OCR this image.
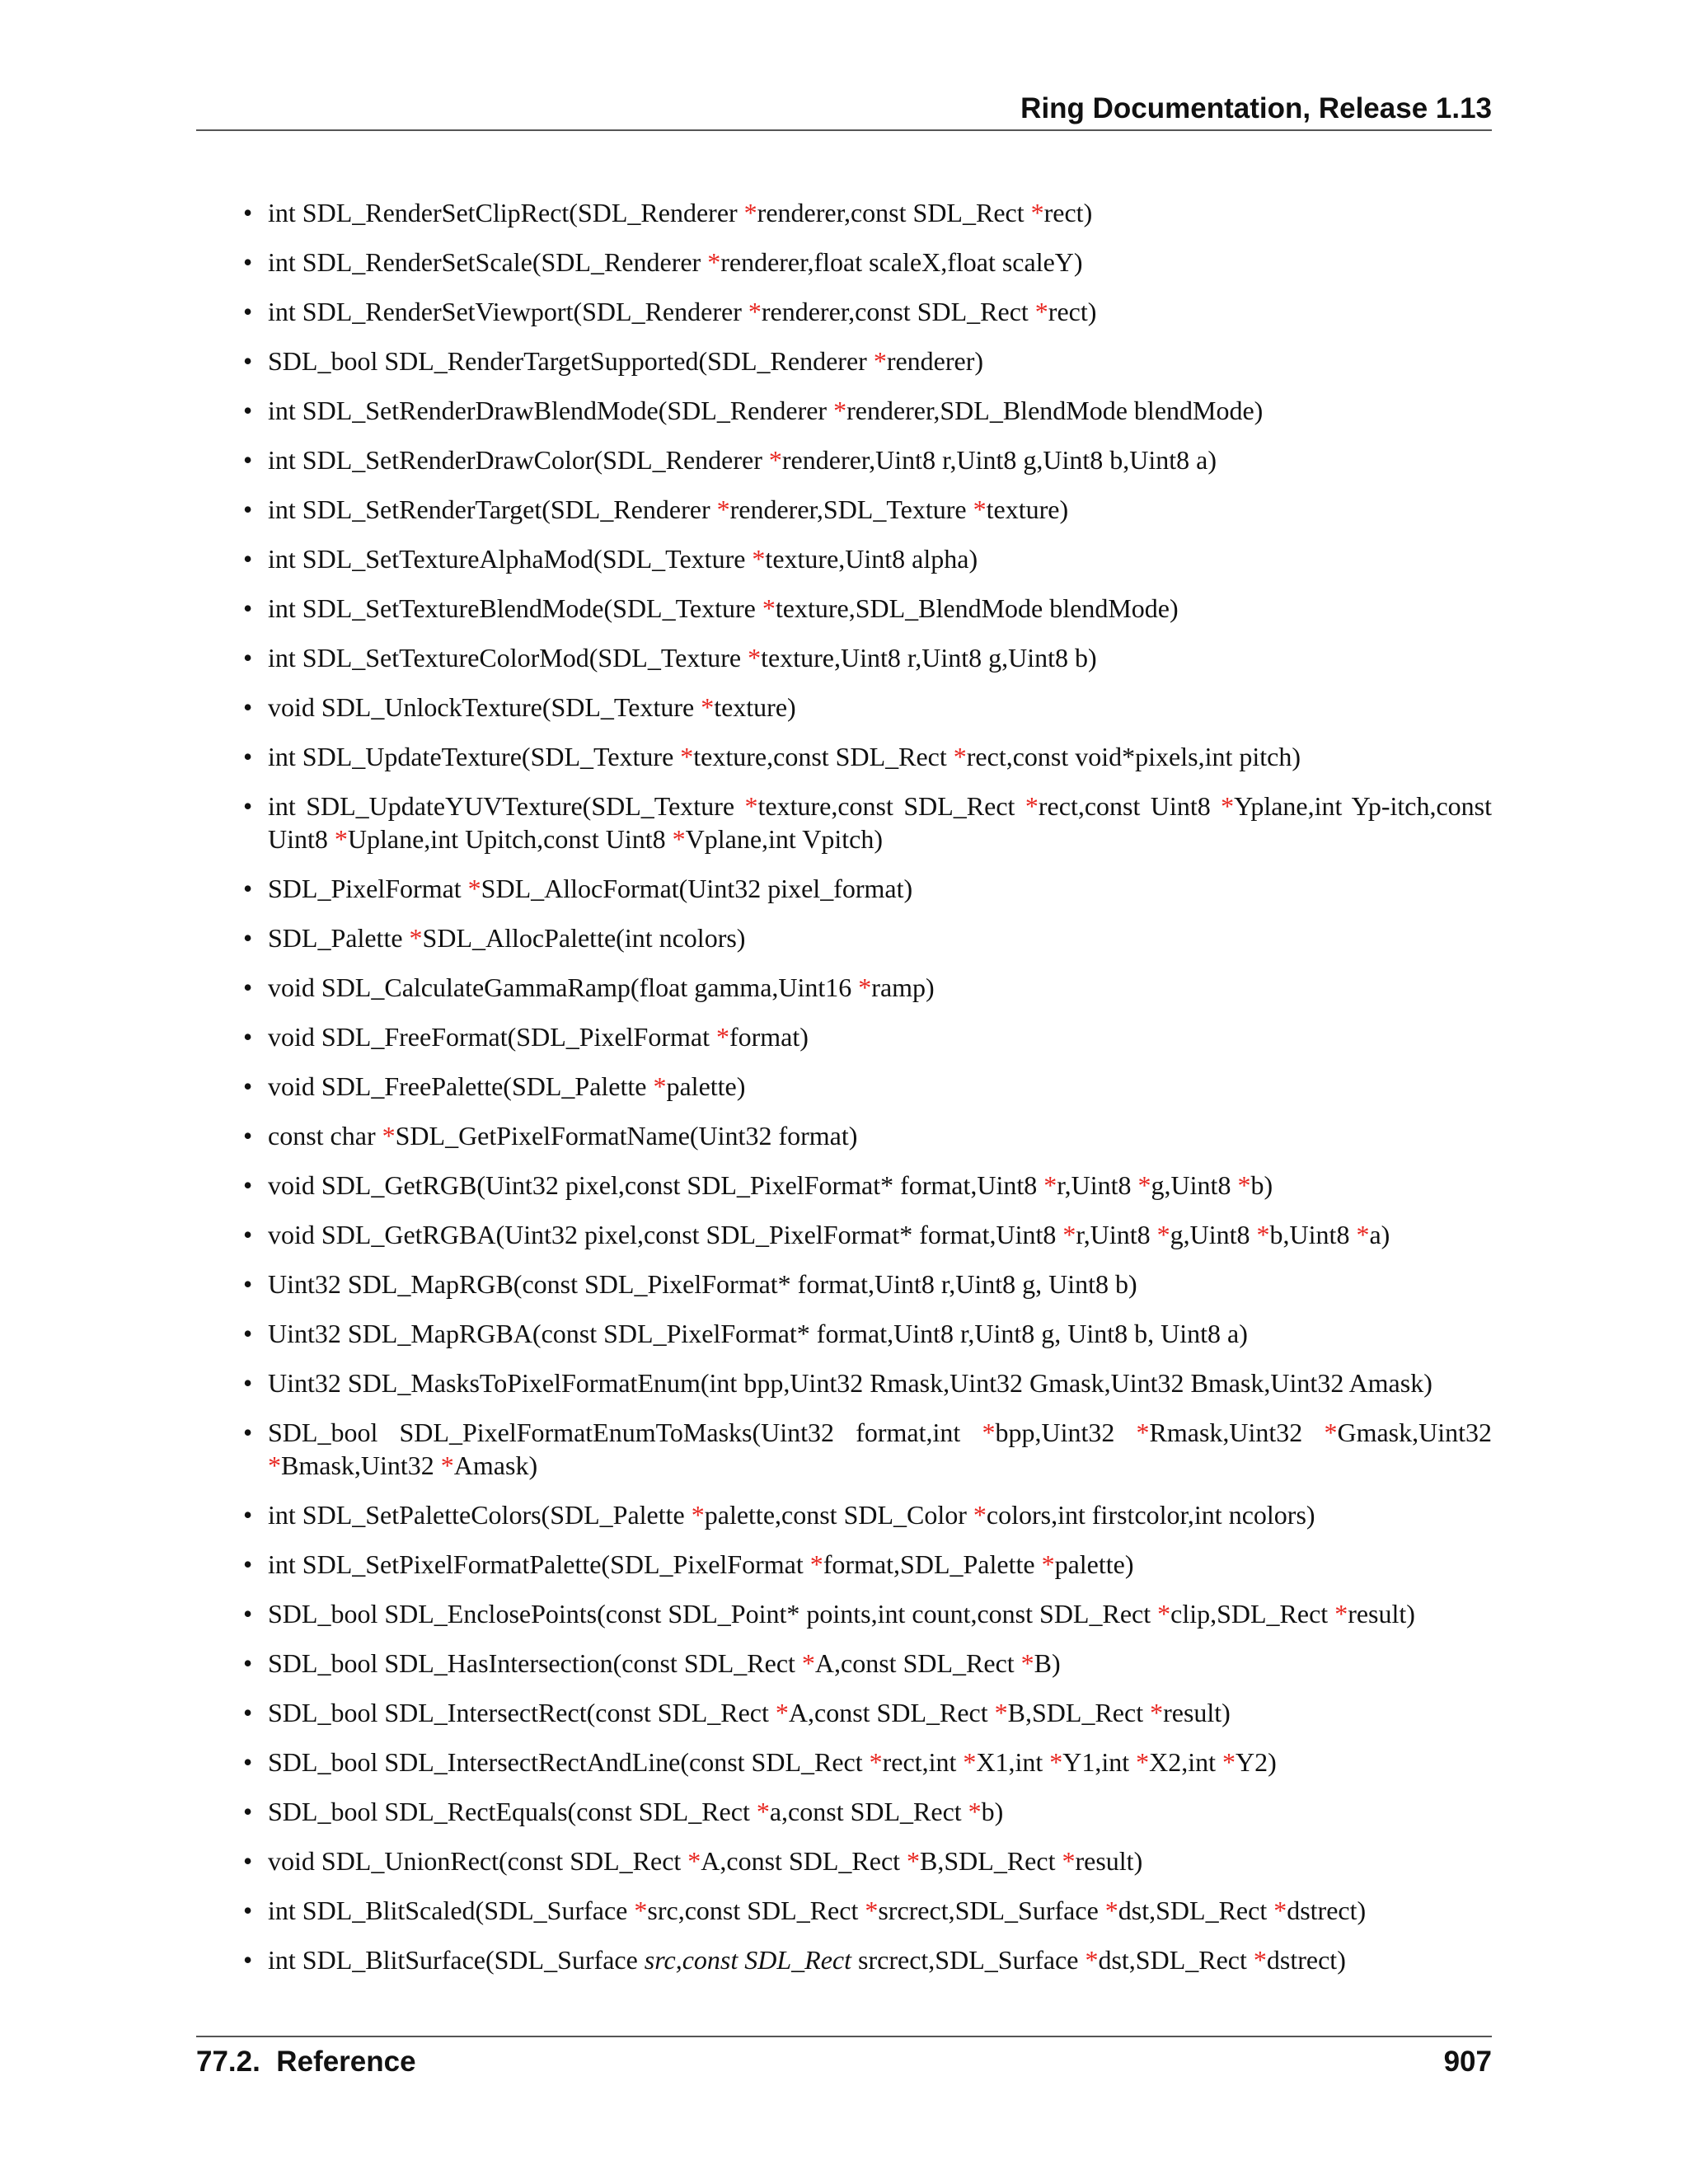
Ring Documentation, Release 1.13
• int SDL_RenderSetClipRect(SDL_Renderer *renderer,const SDL_Rect *rect)
• int SDL_RenderSetScale(SDL_Renderer *renderer,float scaleX,float scaleY)
• int SDL_RenderSetViewport(SDL_Renderer *renderer,const SDL_Rect *rect)
• SDL_bool SDL_RenderTargetSupported(SDL_Renderer *renderer)
• int SDL_SetRenderDrawBlendMode(SDL_Renderer *renderer,SDL_BlendMode blendMode)
• int SDL_SetRenderDrawColor(SDL_Renderer *renderer,Uint8 r,Uint8 g,Uint8 b,Uint8 a)
• int SDL_SetRenderTarget(SDL_Renderer *renderer,SDL_Texture *texture)
• int SDL_SetTextureAlphaMod(SDL_Texture *texture,Uint8 alpha)
• int SDL_SetTextureBlendMode(SDL_Texture *texture,SDL_BlendMode blendMode)
• int SDL_SetTextureColorMod(SDL_Texture *texture,Uint8 r,Uint8 g,Uint8 b)
• void SDL_UnlockTexture(SDL_Texture *texture)
• int SDL_UpdateTexture(SDL_Texture *texture,const SDL_Rect *rect,const void*pixels,int pitch)
• int SDL_UpdateYUVTexture(SDL_Texture *texture,const SDL_Rect *rect,const Uint8 *Yplane,int Yp-itch,const Uint8 *Uplane,int Upitch,const Uint8 *Vplane,int Vpitch)
• SDL_PixelFormat *SDL_AllocFormat(Uint32 pixel_format)
• SDL_Palette *SDL_AllocPalette(int ncolors)
• void SDL_CalculateGammaRamp(float gamma,Uint16 *ramp)
• void SDL_FreeFormat(SDL_PixelFormat *format)
• void SDL_FreePalette(SDL_Palette *palette)
• const char *SDL_GetPixelFormatName(Uint32 format)
• void SDL_GetRGB(Uint32 pixel,const SDL_PixelFormat* format,Uint8 *r,Uint8 *g,Uint8 *b)
• void SDL_GetRGBA(Uint32 pixel,const SDL_PixelFormat* format,Uint8 *r,Uint8 *g,Uint8 *b,Uint8 *a)
• Uint32 SDL_MapRGB(const SDL_PixelFormat* format,Uint8 r,Uint8 g, Uint8 b)
• Uint32 SDL_MapRGBA(const SDL_PixelFormat* format,Uint8 r,Uint8 g, Uint8 b, Uint8 a)
• Uint32 SDL_MasksToPixelFormatEnum(int bpp,Uint32 Rmask,Uint32 Gmask,Uint32 Bmask,Uint32 Amask)
• SDL_bool SDL_PixelFormatEnumToMasks(Uint32 format,int *bpp,Uint32 *Rmask,Uint32 *Gmask,Uint32 *Bmask,Uint32 *Amask)
• int SDL_SetPaletteColors(SDL_Palette *palette,const SDL_Color *colors,int firstcolor,int ncolors)
• int SDL_SetPixelFormatPalette(SDL_PixelFormat *format,SDL_Palette *palette)
• SDL_bool SDL_EnclosePoints(const SDL_Point* points,int count,const SDL_Rect *clip,SDL_Rect *result)
• SDL_bool SDL_HasIntersection(const SDL_Rect *A,const SDL_Rect *B)
• SDL_bool SDL_IntersectRect(const SDL_Rect *A,const SDL_Rect *B,SDL_Rect *result)
• SDL_bool SDL_IntersectRectAndLine(const SDL_Rect *rect,int *X1,int *Y1,int *X2,int *Y2)
• SDL_bool SDL_RectEquals(const SDL_Rect *a,const SDL_Rect *b)
• void SDL_UnionRect(const SDL_Rect *A,const SDL_Rect *B,SDL_Rect *result)
• int SDL_BlitScaled(SDL_Surface *src,const SDL_Rect *srcrect,SDL_Surface *dst,SDL_Rect *dstrect)
• int SDL_BlitSurface(SDL_Surface src,const SDL_Rect srcrect,SDL_Surface *dst,SDL_Rect *dstrect)
77.2.  Reference	907
